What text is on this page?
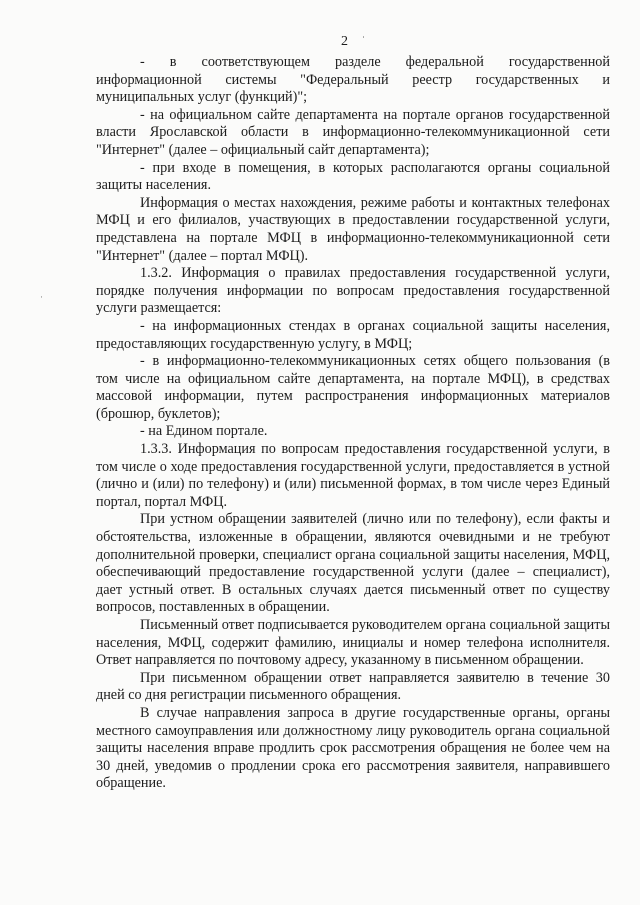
2 ˙

- в соответствующем разделе федеральной государственной информационной системы "Федеральный реестр государственных и муниципальных услуг (функций)";

- на официальном сайте департамента на портале органов государственной власти Ярославской области в информационно-телекоммуникационной сети "Интернет" (далее – официальный сайт департамента);

- при входе в помещения, в которых располагаются органы социальной защиты населения.

Информация о местах нахождения, режиме работы и контактных телефонах МФЦ и его филиалов, участвующих в предоставлении государственной услуги, представлена на портале МФЦ в информационно-телекоммуникационной сети "Интернет" (далее – портал МФЦ).

1.3.2. Информация о правилах предоставления государственной услуги, порядке получения информации по вопросам предоставления государственной услуги размещается:

- на информационных стендах в органах социальной защиты населения, предоставляющих государственную услугу, в МФЦ;

- в информационно-телекоммуникационных сетях общего пользования (в том числе на официальном сайте департамента, на портале МФЦ), в средствах массовой информации, путем распространения информационных материалов (брошюр, буклетов);

- на Едином портале.

1.3.3. Информация по вопросам предоставления государственной услуги, в том числе о ходе предоставления государственной услуги, предоставляется в устной (лично и (или) по телефону) и (или) письменной формах, в том числе через Единый портал, портал МФЦ.

При устном обращении заявителей (лично или по телефону), если факты и обстоятельства, изложенные в обращении, являются очевидными и не требуют дополнительной проверки, специалист органа социальной защиты населения, МФЦ, обеспечивающий предоставление государственной услуги (далее – специалист), дает устный ответ. В остальных случаях дается письменный ответ по существу вопросов, поставленных в обращении.

Письменный ответ подписывается руководителем органа социальной защиты населения, МФЦ, содержит фамилию, инициалы и номер телефона исполнителя. Ответ направляется по почтовому адресу, указанному в письменном обращении.

При письменном обращении ответ направляется заявителю в течение 30 дней со дня регистрации письменного обращения.

В случае направления запроса в другие государственные органы, органы местного самоуправления или должностному лицу руководитель органа социальной защиты населения вправе продлить срок рассмотрения обращения не более чем на 30 дней, уведомив о продлении срока его рассмотрения заявителя, направившего обращение.

·
